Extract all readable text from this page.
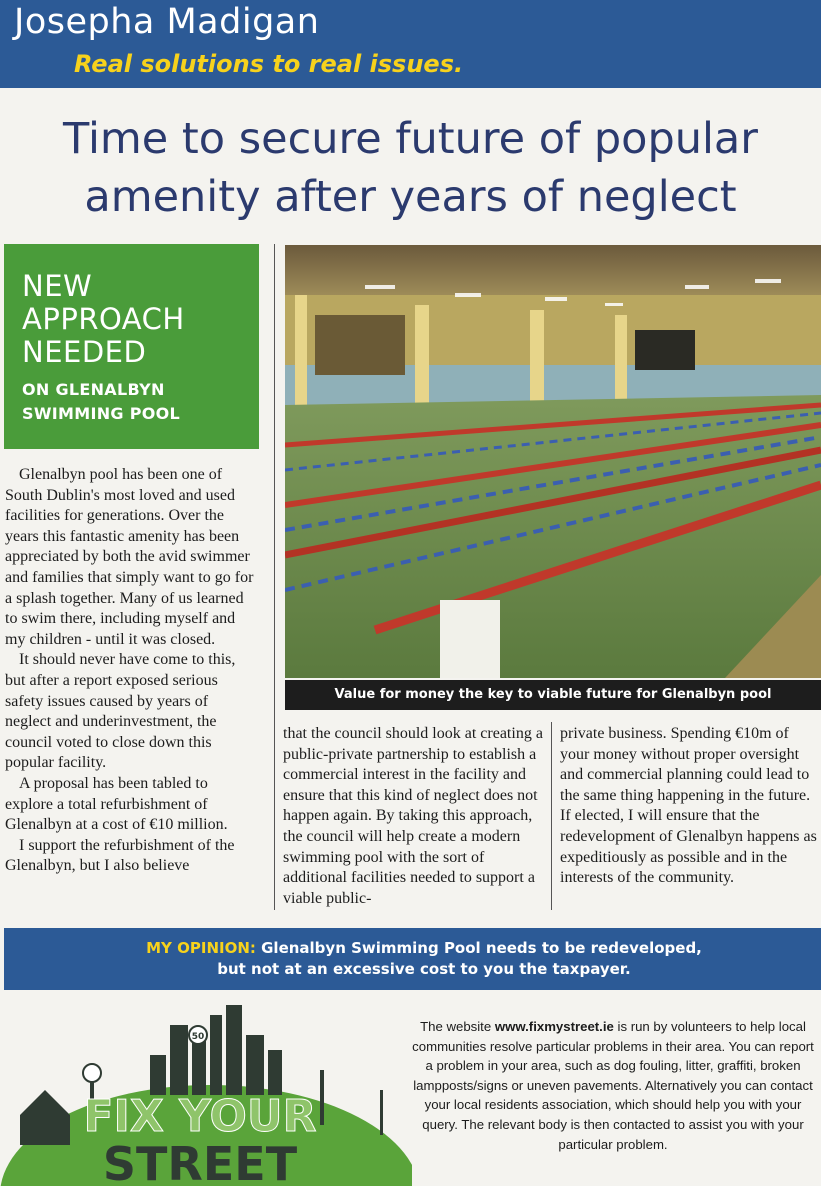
Josepha Madigan
Real solutions to real issues.
Time to secure future of popular
amenity after years of neglect
NEW
APPROACH
NEEDED
ON GLENALBYN
SWIMMING POOL

Glenalbyn pool has been one of South Dublin's most loved and used facilities for generations. Over the years this fantastic amenity has been appreciated by both the avid swimmer and families that simply want to go for a splash together. Many of us learned to swim there, including myself and my children - until it was closed.

It should never have come to this, but after a report exposed serious safety issues caused by years of neglect and underinvestment, the council voted to close down this popular facility.

A proposal has been tabled to explore a total refurbishment of Glenalbyn at a cost of €10 million.

I support the refurbishment of the Glenalbyn, but I also believe

that the council should look at creating a public-private partnership to establish a commercial interest in the facility and ensure that this kind of neglect does not happen again. By taking this approach, the council will help create a modern swimming pool with the sort of additional facilities needed to support a viable public-

private business. Spending €10m of your money without proper oversight and commercial planning could lead to the same thing happening in the future. If elected, I will ensure that the redevelopment of Glenalbyn happens as expeditiously as possible and in the interests of the community.

Value for money the key to viable future for Glenalbyn pool
MY OPINION: Glenalbyn Swimming Pool needs to be redeveloped,
but not at an excessive cost to you the taxpayer.
50
FIX YOUR
STREET
The website www.fixmystreet.ie is run by volunteers to help local communities resolve particular problems in their area. You can report a problem in your area, such as dog fouling, litter, graffiti, broken lampposts/signs or uneven pavements. Alternatively you can contact your local residents association, which should help you with your query. The relevant body is then contacted to assist you with your particular problem.
